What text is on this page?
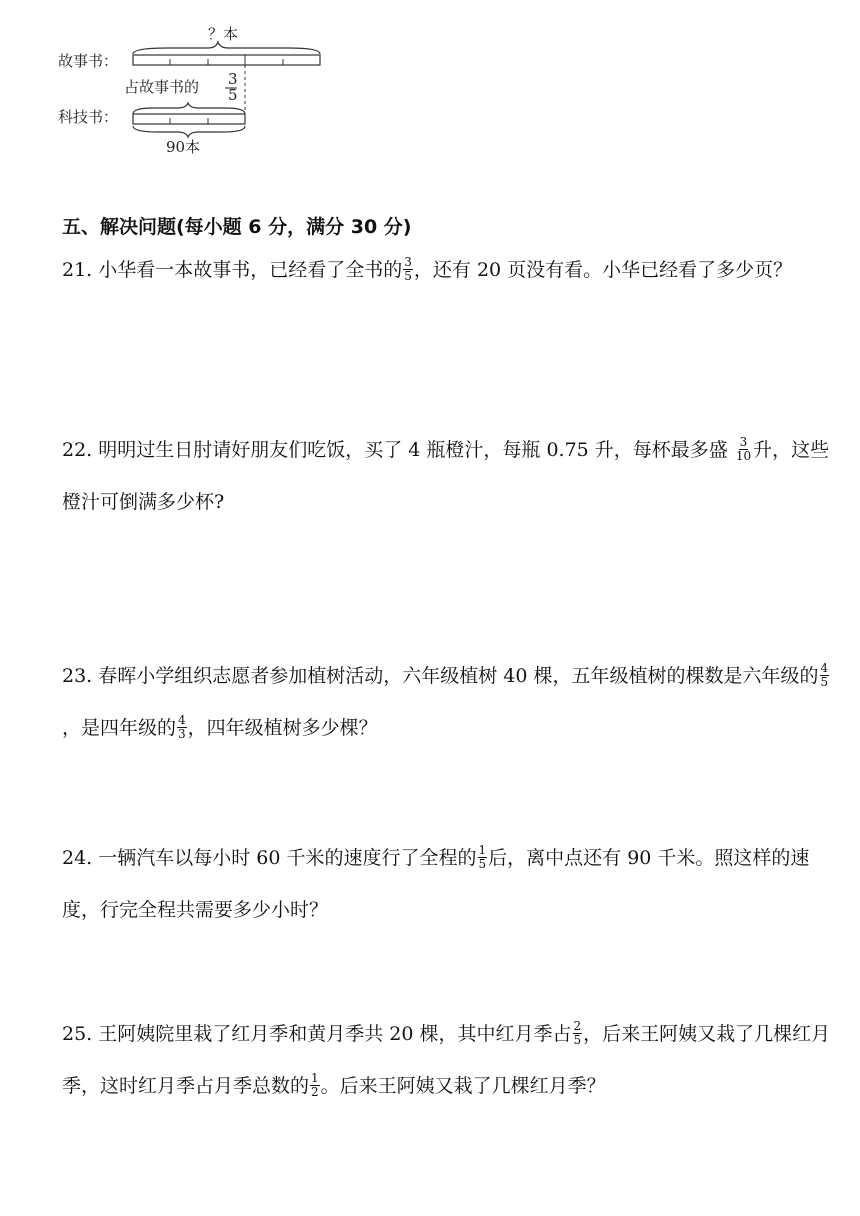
？本
故事书：
占故事书的 3
5
科技书：
90本
五、解决问题(每小题 6 分，满分 30 分)
21. 小华看一本故事书，已经看了全书的 $\frac{3}{5}$ ，还有 20 页没有看。小华已经看了多少页？
22. 明明过生日肘请好朋友们吃饭，买了 4 瓶橙汁，每瓶 0.75 升，每杯最多盛 $\frac{3}{10}$ 升，这些橙汁可倒满多少杯?
23. 春晖小学组织志愿者参加植树活动，六年级植树 40 棵，五年级植树的棵数是六年级的 $\frac{4}{5}$
，是四年级的 $\frac{4}{3}$ ，四年级植树多少棵？
24. 一辆汽车以每小时 60 千米的速度行了全程的 $\frac{1}{5}$ 后，离中点还有 90 千米。照这样的速度，行完全程共需要多少小时？
25. 王阿姨院里栽了红月季和黄月季共 20 棵，其中红月季占 $\frac{2}{5}$ ，后来王阿姨又栽了几棵红月季，这时红月季占月季总数的 $\frac{1}{2}$ 。后来王阿姨又栽了几棵红月季？
